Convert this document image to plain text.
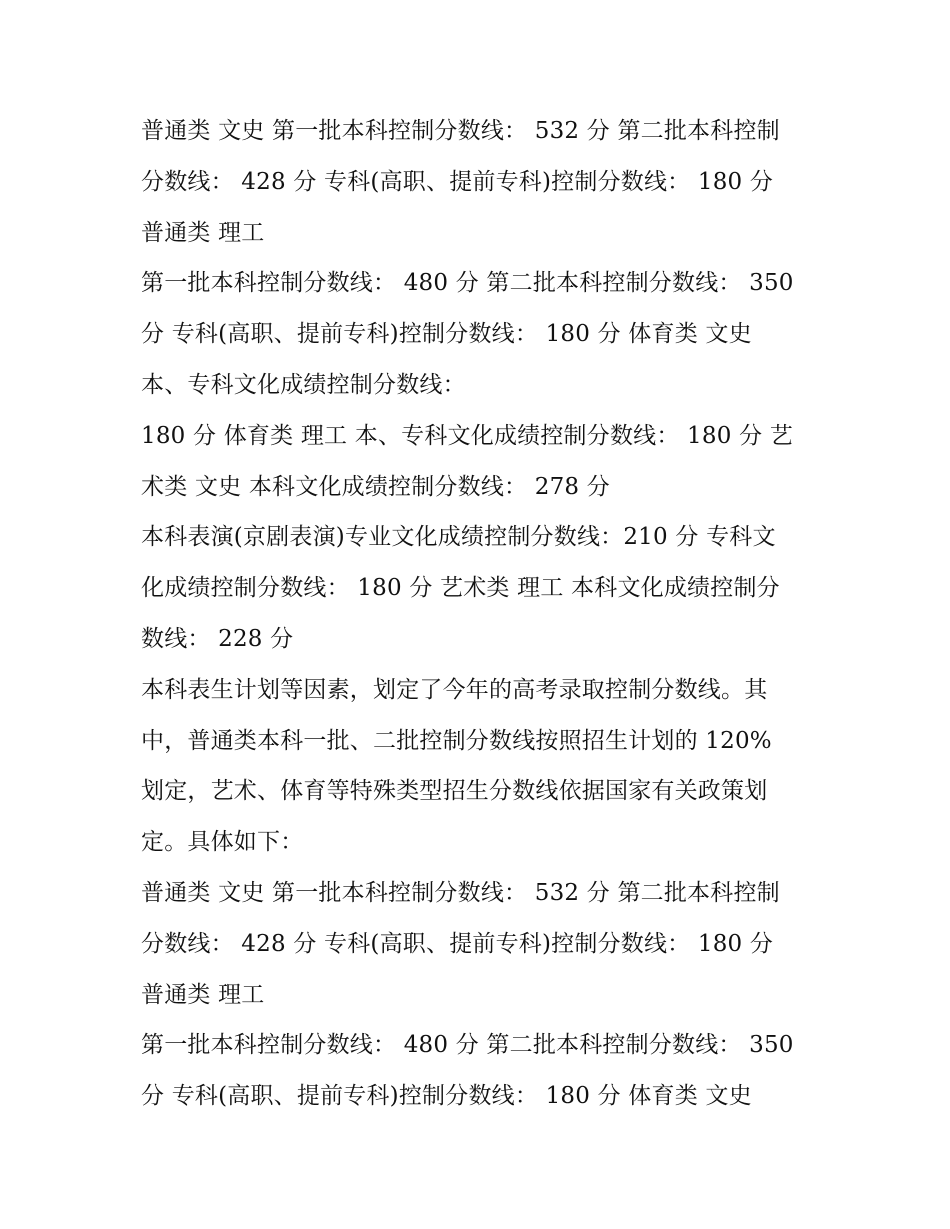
普通类 文史 第一批本科控制分数线： 532 分 第二批本科控制
分数线： 428 分 专科(高职、提前专科)控制分数线： 180 分
普通类 理工
第一批本科控制分数线： 480 分 第二批本科控制分数线： 350
分 专科(高职、提前专科)控制分数线： 180 分 体育类 文史
本、专科文化成绩控制分数线：
180 分 体育类 理工 本、专科文化成绩控制分数线： 180 分 艺
术类 文史 本科文化成绩控制分数线： 278 分
本科表演(京剧表演)专业文化成绩控制分数线：210 分 专科文
化成绩控制分数线： 180 分 艺术类 理工 本科文化成绩控制分
数线： 228 分
本科表生计划等因素，划定了今年的高考录取控制分数线。其
中，普通类本科一批、二批控制分数线按照招生计划的 120%
划定，艺术、体育等特殊类型招生分数线依据国家有关政策划
定。具体如下：
普通类 文史 第一批本科控制分数线： 532 分 第二批本科控制
分数线： 428 分 专科(高职、提前专科)控制分数线： 180 分
普通类 理工
第一批本科控制分数线： 480 分 第二批本科控制分数线： 350
分 专科(高职、提前专科)控制分数线： 180 分 体育类 文史
